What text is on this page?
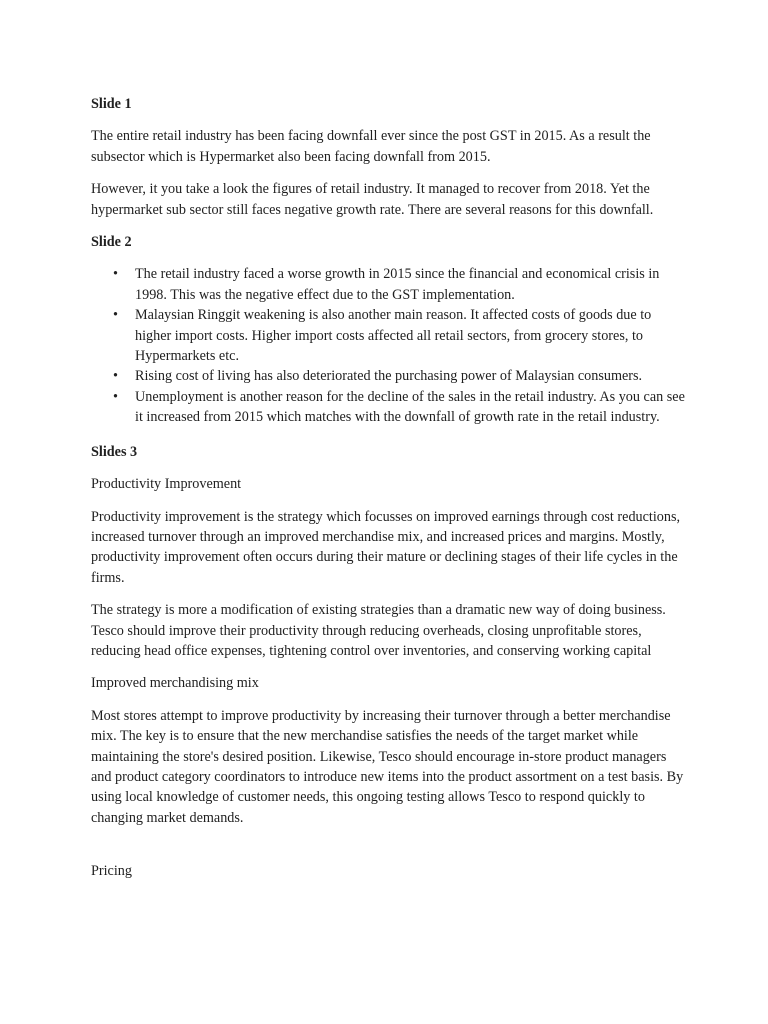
Slide 1

The entire retail industry has been facing downfall ever since the post GST in 2015. As a result the subsector which is Hypermarket also been facing downfall from 2015.

However, it you take a look the figures of retail industry. It managed to recover from 2018. Yet the hypermarket sub sector still faces negative growth rate. There are several reasons for this downfall.

Slide 2
• The retail industry faced a worse growth in 2015 since the financial and economical crisis in 1998. This was the negative effect due to the GST implementation.
• Malaysian Ringgit weakening is also another main reason. It affected costs of goods due to higher import costs. Higher import costs affected all retail sectors, from grocery stores, to Hypermarkets etc.
• Rising cost of living has also deteriorated the purchasing power of Malaysian consumers.
• Unemployment is another reason for the decline of the sales in the retail industry. As you can see it increased from 2015 which matches with the downfall of growth rate in the retail industry.
Slides 3
Productivity Improvement

Productivity improvement is the strategy which focusses on improved earnings through cost reductions, increased turnover through an improved merchandise mix, and increased prices and margins. Mostly, productivity improvement often occurs during their mature or declining stages of their life cycles in the firms.

The strategy is more a modification of existing strategies than a dramatic new way of doing business. Tesco should improve their productivity through reducing overheads, closing unprofitable stores, reducing head office expenses, tightening control over inventories, and conserving working capital

Improved merchandising mix

Most stores attempt to improve productivity by increasing their turnover through a better merchandise mix. The key is to ensure that the new merchandise satisfies the needs of the target market while maintaining the store's desired position. Likewise, Tesco should encourage in-store product managers and product category coordinators to introduce new items into the product assortment on a test basis. By using local knowledge of customer needs, this ongoing testing allows Tesco to respond quickly to changing market demands.

Pricing
